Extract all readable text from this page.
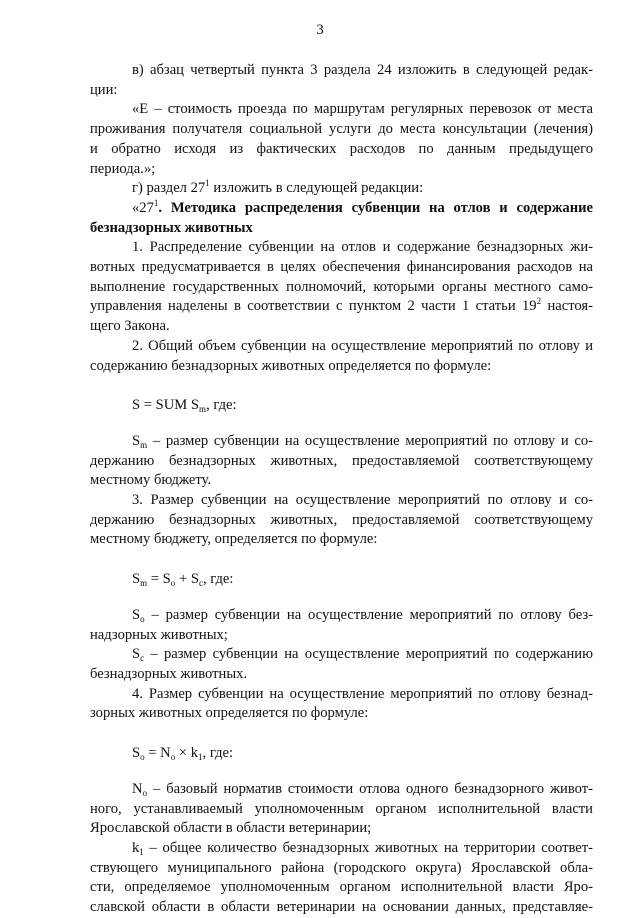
3

в) абзац четвертый пункта 3 раздела 24 изложить в следующей редак-

ции:

«Е – стоимость проезда по маршрутам регулярных перевозок от места

проживания получателя социальной услуги до места консультации (лечения)

и обратно исходя из фактических расходов по данным предыдущего

периода.»;

г) раздел $27^1$ изложить в следующей редакции:

«$27^1$. Методика распределения субвенции на отлов и содержание

безнадзорных животных

1. Распределение субвенции на отлов и содержание безнадзорных жи-

вотных предусматривается в целях обеспечения финансирования расходов на

выполнение государственных полномочий, которыми органы местного само-

управления наделены в соответствии с пунктом 2 части 1 статьи $19^2$ настоя-

щего Закона.

2. Общий объем субвенции на осуществление мероприятий по отлову и

содержанию безнадзорных животных определяется по формуле:

S = SUM $S_m$, где:

$S_m$ – размер субвенции на осуществление мероприятий по отлову и со-

держанию безнадзорных животных, предоставляемой соответствующему

местному бюджету.

3. Размер субвенции на осуществление мероприятий по отлову и со-

держанию безнадзорных животных, предоставляемой соответствующему

местному бюджету, определяется по формуле:

$S_m = S_o + S_c$, где:

$S_o$ – размер субвенции на осуществление мероприятий по отлову без-

надзорных животных;

$S_c$ – размер субвенции на осуществление мероприятий по содержанию

безнадзорных животных.

4. Размер субвенции на осуществление мероприятий по отлову безнад-

зорных животных определяется по формуле:

$S_o = N_o \times k_1$, где:

$N_o$ – базовый норматив стоимости отлова одного безнадзорного живот-

ного, устанавливаемый уполномоченным органом исполнительной власти

Ярославской области в области ветеринарии;

$k_1$ – общее количество безнадзорных животных на территории соответ-

ствующего муниципального района (городского округа) Ярославской обла-

сти, определяемое уполномоченным органом исполнительной власти Яро-

славской области в области ветеринарии на основании данных, представляе-
